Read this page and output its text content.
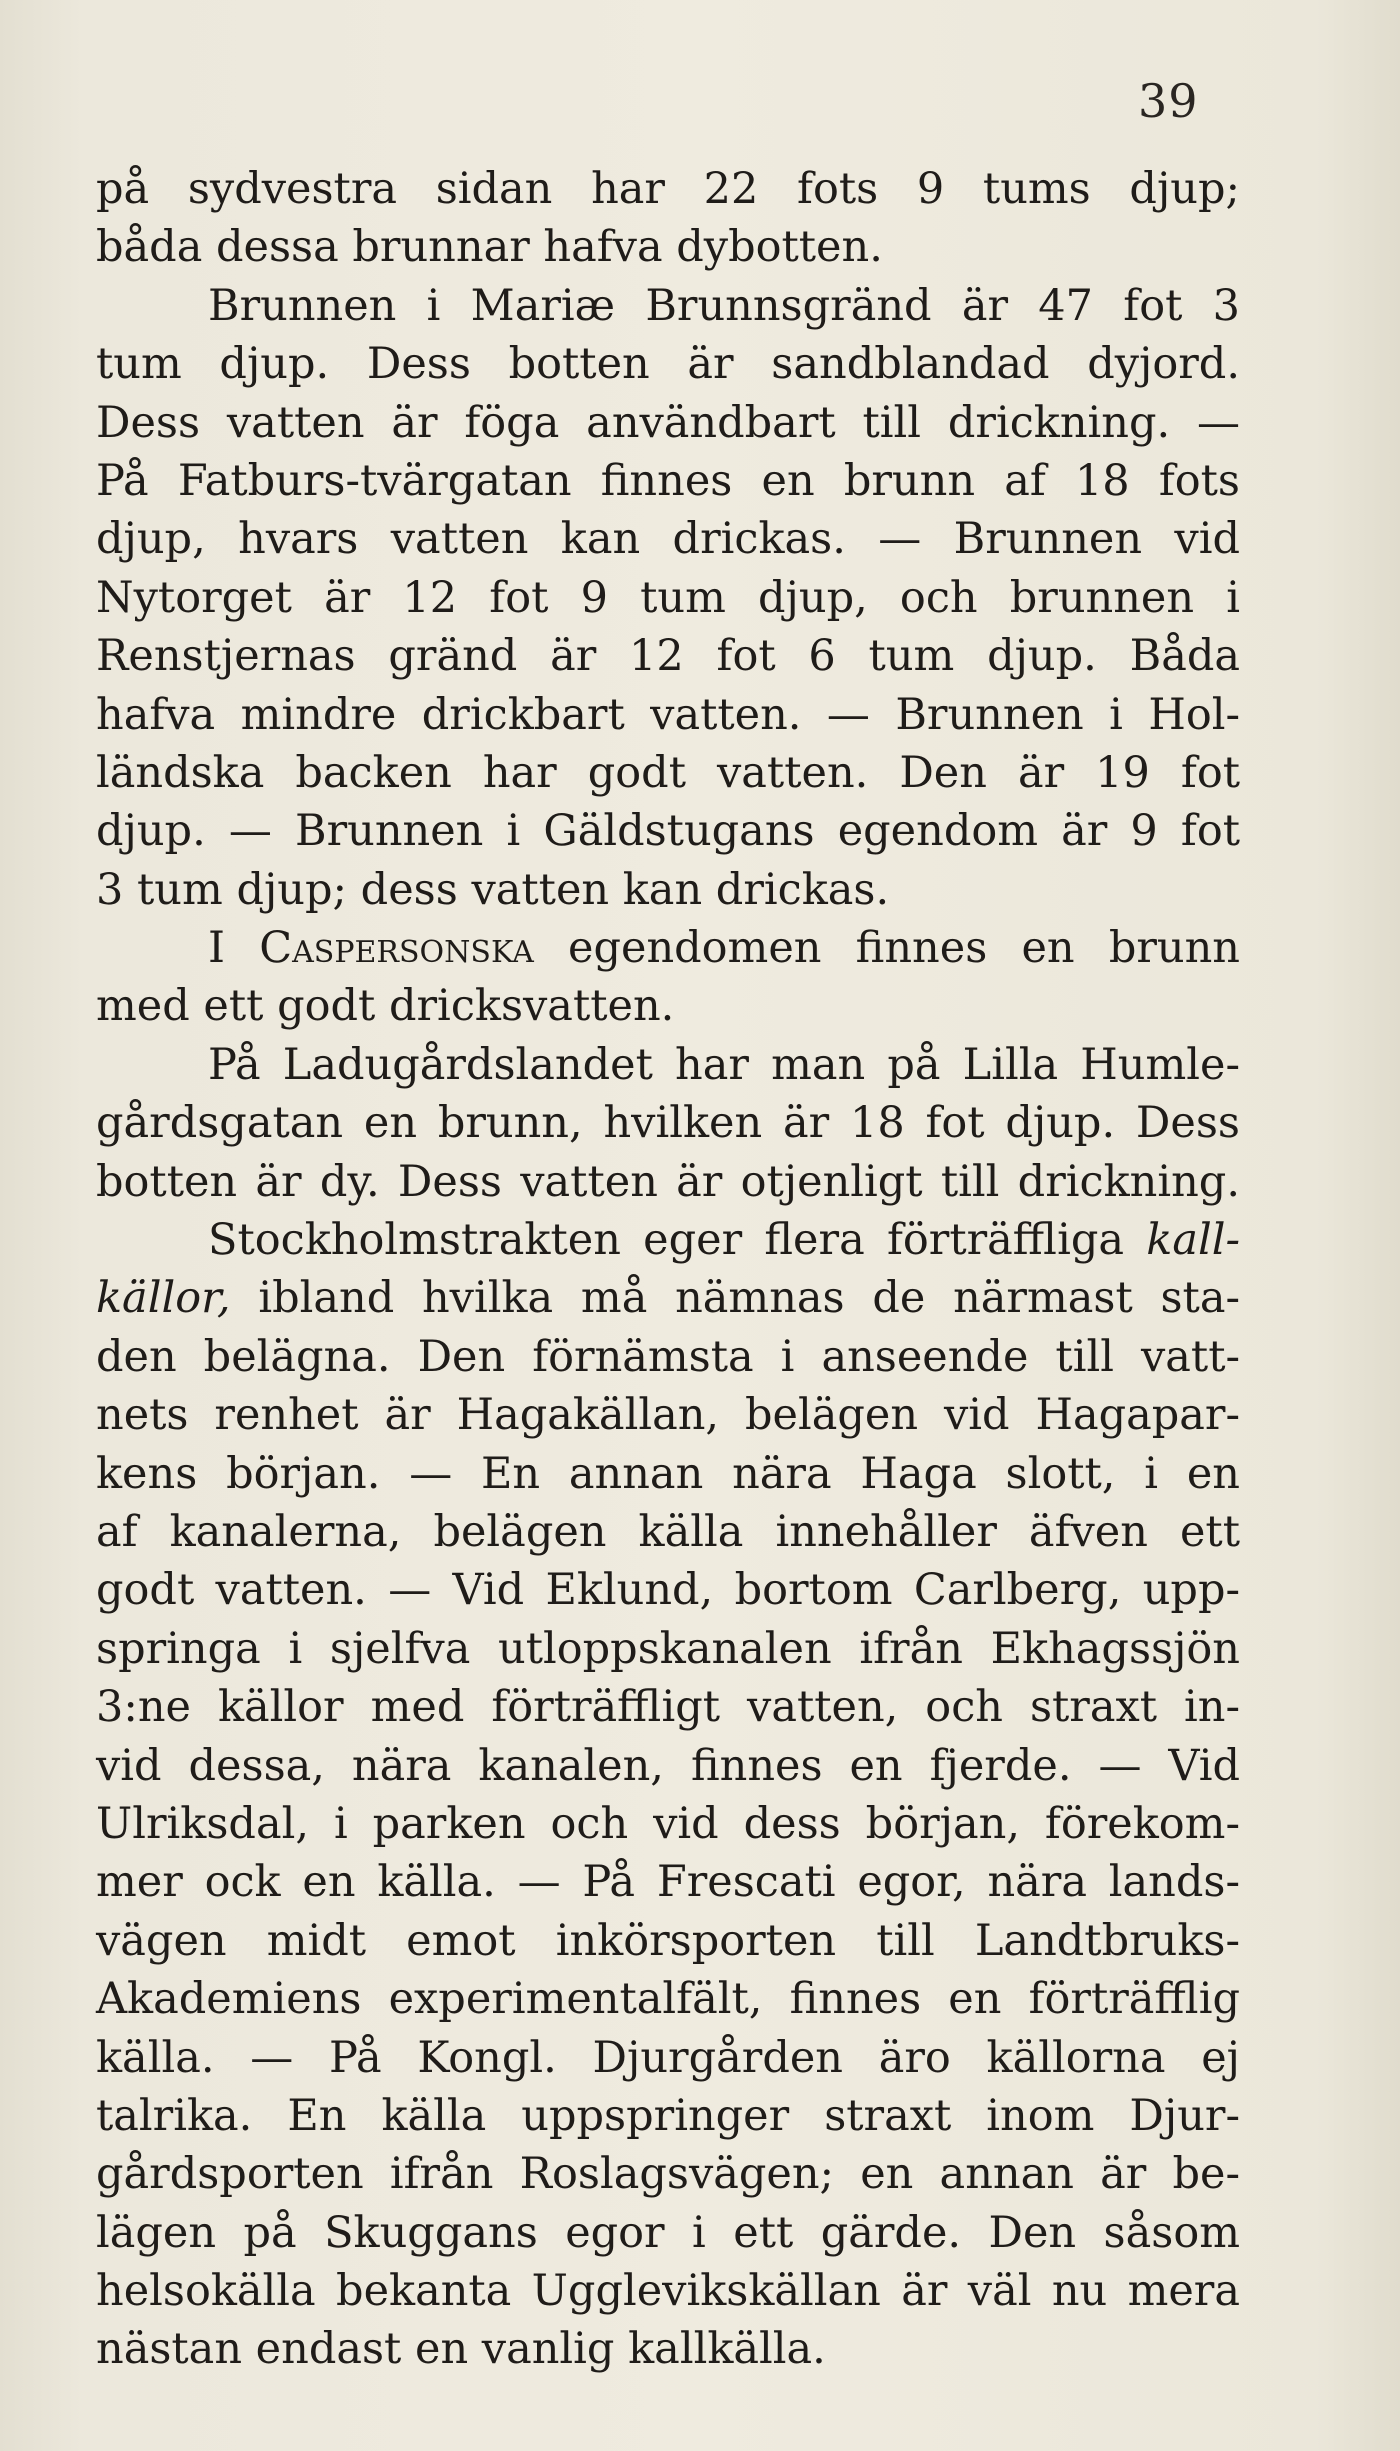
39
på sydvestra sidan har 22 fots 9 tums djup;
båda dessa brunnar hafva dybotten.
Brunnen i Mariæ Brunnsgränd är 47 fot 3
tum djup. Dess botten är sandblandad dyjord.
Dess vatten är föga användbart till drickning. —
På Fatburs-tvärgatan finnes en brunn af 18 fots
djup, hvars vatten kan drickas. — Brunnen vid
Nytorget är 12 fot 9 tum djup, och brunnen i
Renstjernas gränd är 12 fot 6 tum djup. Båda
hafva mindre drickbart vatten. — Brunnen i Hol-
ländska backen har godt vatten. Den är 19 fot
djup. — Brunnen i Gäldstugans egendom är 9 fot
3 tum djup; dess vatten kan drickas.
I Caspersonska egendomen finnes en brunn
med ett godt dricksvatten.
På Ladugårdslandet har man på Lilla Humle-
gårdsgatan en brunn, hvilken är 18 fot djup. Dess
botten är dy. Dess vatten är otjenligt till drickning.
Stockholmstrakten eger flera förträffliga kall-
källor, ibland hvilka må nämnas de närmast sta-
den belägna. Den förnämsta i anseende till vatt-
nets renhet är Hagakällan, belägen vid Hagapar-
kens början. — En annan nära Haga slott, i en
af kanalerna, belägen källa innehåller äfven ett
godt vatten. — Vid Eklund, bortom Carlberg, upp-
springa i sjelfva utloppskanalen ifrån Ekhagssjön
3:ne källor med förträffligt vatten, och straxt in-
vid dessa, nära kanalen, finnes en fjerde. — Vid
Ulriksdal, i parken och vid dess början, förekom-
mer ock en källa. — På Frescati egor, nära lands-
vägen midt emot inkörsporten till Landtbruks-
Akademiens experimentalfält, finnes en förträfflig
källa. — På Kongl. Djurgården äro källorna ej
talrika. En källa uppspringer straxt inom Djur-
gårdsporten ifrån Roslagsvägen; en annan är be-
lägen på Skuggans egor i ett gärde. Den såsom
helsokälla bekanta Ugglevikskällan är väl nu mera
nästan endast en vanlig kallkälla.
